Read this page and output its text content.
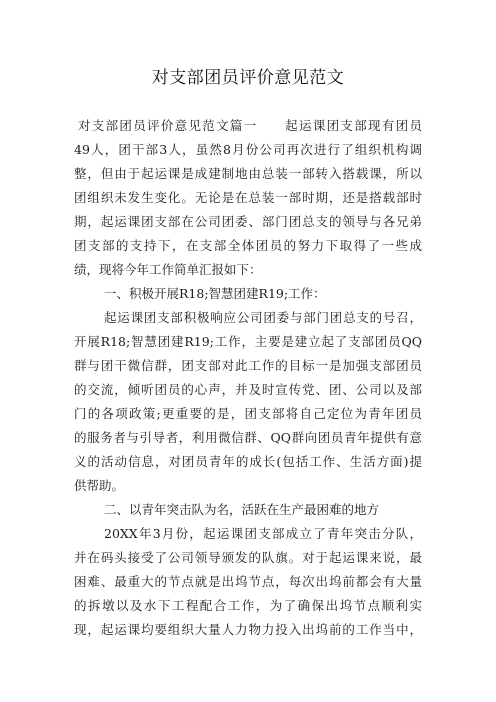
对支部团员评价意见范文
对支部团员评价意见范文篇一　　起运课团支部现有团员
49人，团干部3人，虽然8月份公司再次进行了组织机构调
整，但由于起运课是成建制地由总装一部转入搭载课，所以
团组织未发生变化。无论是在总装一部时期，还是搭载部时
期，起运课团支部在公司团委、部门团总支的领导与各兄弟
团支部的支持下，在支部全体团员的努力下取得了一些成
绩，现将今年工作简单汇报如下：
一、积极开展R18;智慧团建R19;工作：
起运课团支部积极响应公司团委与部门团总支的号召，
开展R18;智慧团建R19;工作，主要是建立起了支部团员QQ
群与团干微信群，团支部对此工作的目标一是加强支部团员
的交流，倾听团员的心声，并及时宣传党、团、公司以及部
门的各项政策;更重要的是，团支部将自己定位为青年团员
的服务者与引导者，利用微信群、QQ群向团员青年提供有意
义的活动信息，对团员青年的成长(包括工作、生活方面)提
供帮助。
二、以青年突击队为名，活跃在生产最困难的地方
20XX年3月份，起运课团支部成立了青年突击分队，
并在码头接受了公司领导颁发的队旗。对于起运课来说，最
困难、最重大的节点就是出坞节点，每次出坞前都会有大量
的拆墩以及水下工程配合工作，为了确保出坞节点顺利实
现，起运课均要组织大量人力物力投入出坞前的工作当中，
